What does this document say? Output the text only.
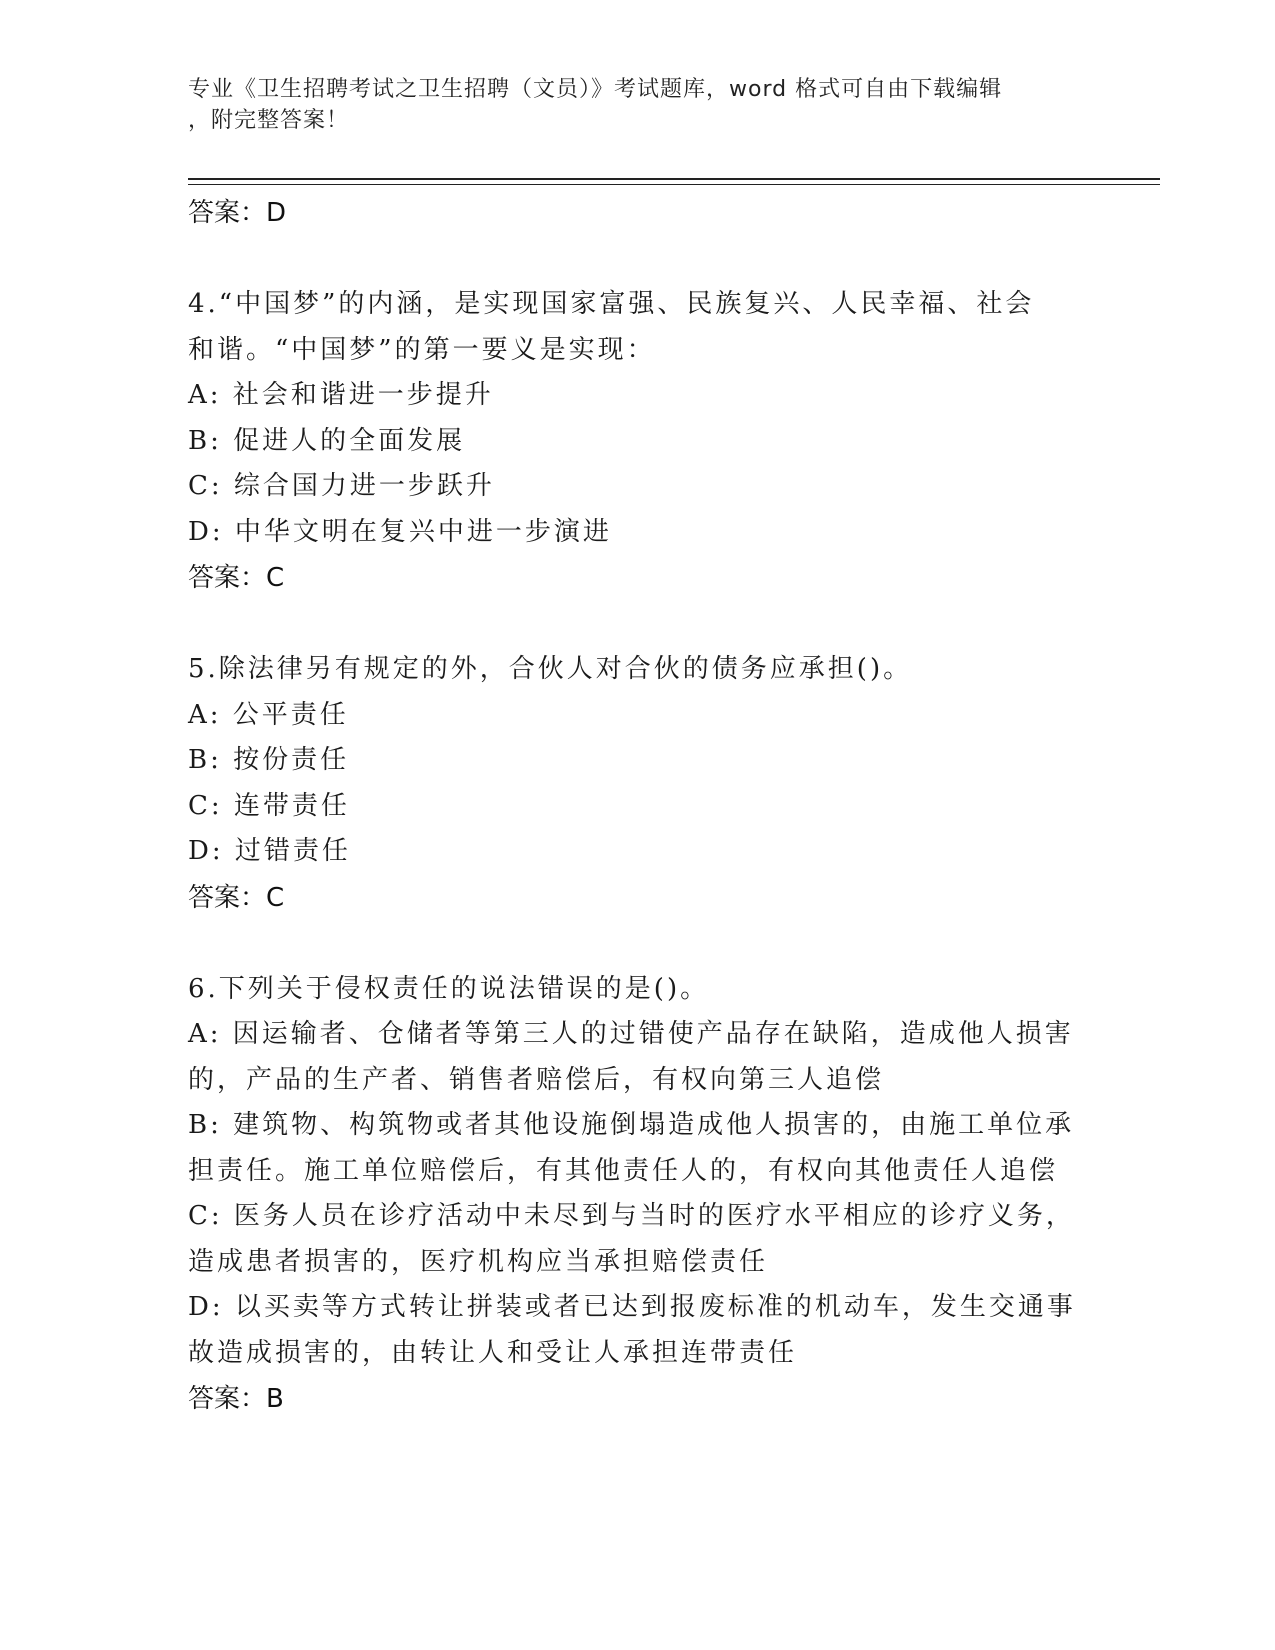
专业《卫生招聘考试之卫生招聘（文员）》考试题库，word 格式可自由下载编辑
，附完整答案！
答案：D
4.“中国梦”的内涵，是实现国家富强、民族复兴、人民幸福、社会
和谐。“中国梦”的第一要义是实现：
A: 社会和谐进一步提升
B: 促进人的全面发展
C: 综合国力进一步跃升
D: 中华文明在复兴中进一步演进
答案：C
5.除法律另有规定的外，合伙人对合伙的债务应承担()。
A: 公平责任
B: 按份责任
C: 连带责任
D: 过错责任
答案：C
6.下列关于侵权责任的说法错误的是()。
A: 因运输者、仓储者等第三人的过错使产品存在缺陷，造成他人损害
的，产品的生产者、销售者赔偿后，有权向第三人追偿
B: 建筑物、构筑物或者其他设施倒塌造成他人损害的，由施工单位承
担责任。施工单位赔偿后，有其他责任人的，有权向其他责任人追偿
C: 医务人员在诊疗活动中未尽到与当时的医疗水平相应的诊疗义务，
造成患者损害的，医疗机构应当承担赔偿责任
D: 以买卖等方式转让拼装或者已达到报废标准的机动车，发生交通事
故造成损害的，由转让人和受让人承担连带责任
答案：B
